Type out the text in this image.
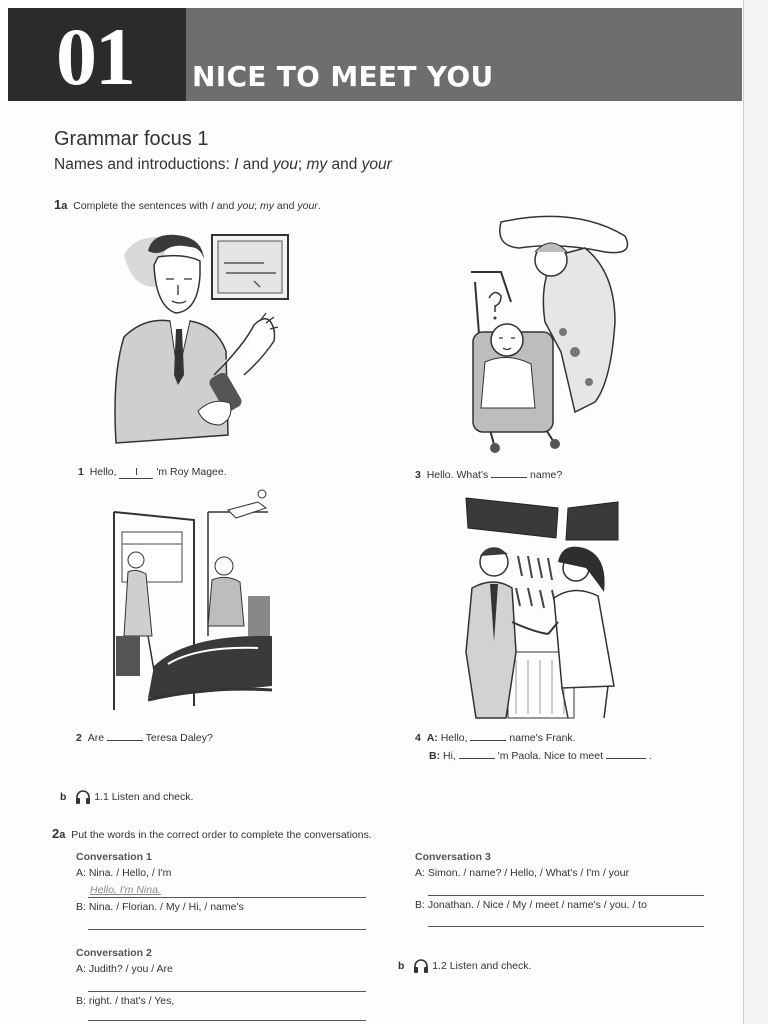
01 NICE TO MEET YOU
Grammar focus 1
Names and introductions: I and you; my and your
1a Complete the sentences with I and you; my and your.
1 Hello, I 'm Roy Magee.	3 Hello. What's	name?
2 Are	Teresa Daley?	4 A: Hello,	name's Frank.
B: Hi,	'm Paola. Nice to meet	.
b	1.1 Listen and check.
2a Put the words in the correct order to complete the conversations.
Conversation 1
A: Nina. / Hello, / I'm
Hello, I'm Nina.
B: Nina. / Florian. / My / Hi, / name's
Conversation 2
A: Judith? / you / Are
B: right. / that's / Yes,
Conversation 3
A: Simon. / name? / Hello, / What's / I'm / your
B: Jonathan. / Nice / My / meet / name's / you. / to
b	1.2 Listen and check.
